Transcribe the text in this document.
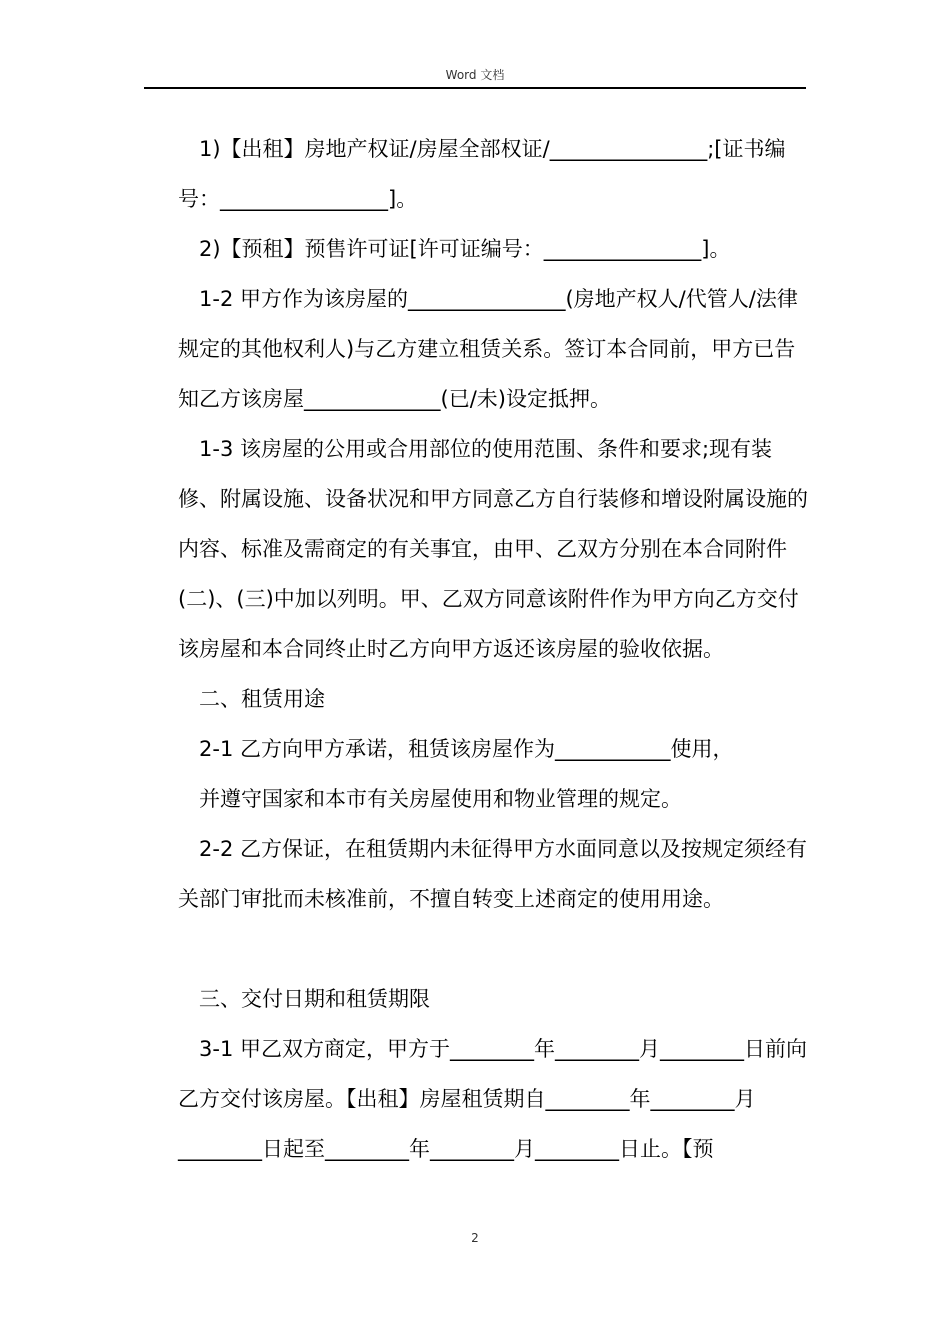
Word 文档

1)【出租】房地产权证/房屋全部权证/_______________;[证书编号：________________]。

2)【预租】预售许可证[许可证编号：_______________]。

1-2 甲方作为该房屋的_______________(房地产权人/代管人/法律规定的其他权利人)与乙方建立租赁关系。签订本合同前，甲方已告知乙方该房屋_____________(已/未)设定抵押。

1-3 该房屋的公用或合用部位的使用范围、条件和要求;现有装修、附属设施、设备状况和甲方同意乙方自行装修和增设附属设施的内容、标准及需商定的有关事宜，由甲、乙双方分别在本合同附件(二)、(三)中加以列明。甲、乙双方同意该附件作为甲方向乙方交付该房屋和本合同终止时乙方向甲方返还该房屋的验收依据。

二、租赁用途

2-1 乙方向甲方承诺，租赁该房屋作为___________使用，

并遵守国家和本市有关房屋使用和物业管理的规定。

2-2 乙方保证，在租赁期内未征得甲方水面同意以及按规定须经有关部门审批而未核准前，不擅自转变上述商定的使用用途。

三、交付日期和租赁期限

3-1 甲乙双方商定，甲方于________年________月________日前向乙方交付该房屋。【出租】房屋租赁期自________年________月________日起至________年________月________日止。【预

2
